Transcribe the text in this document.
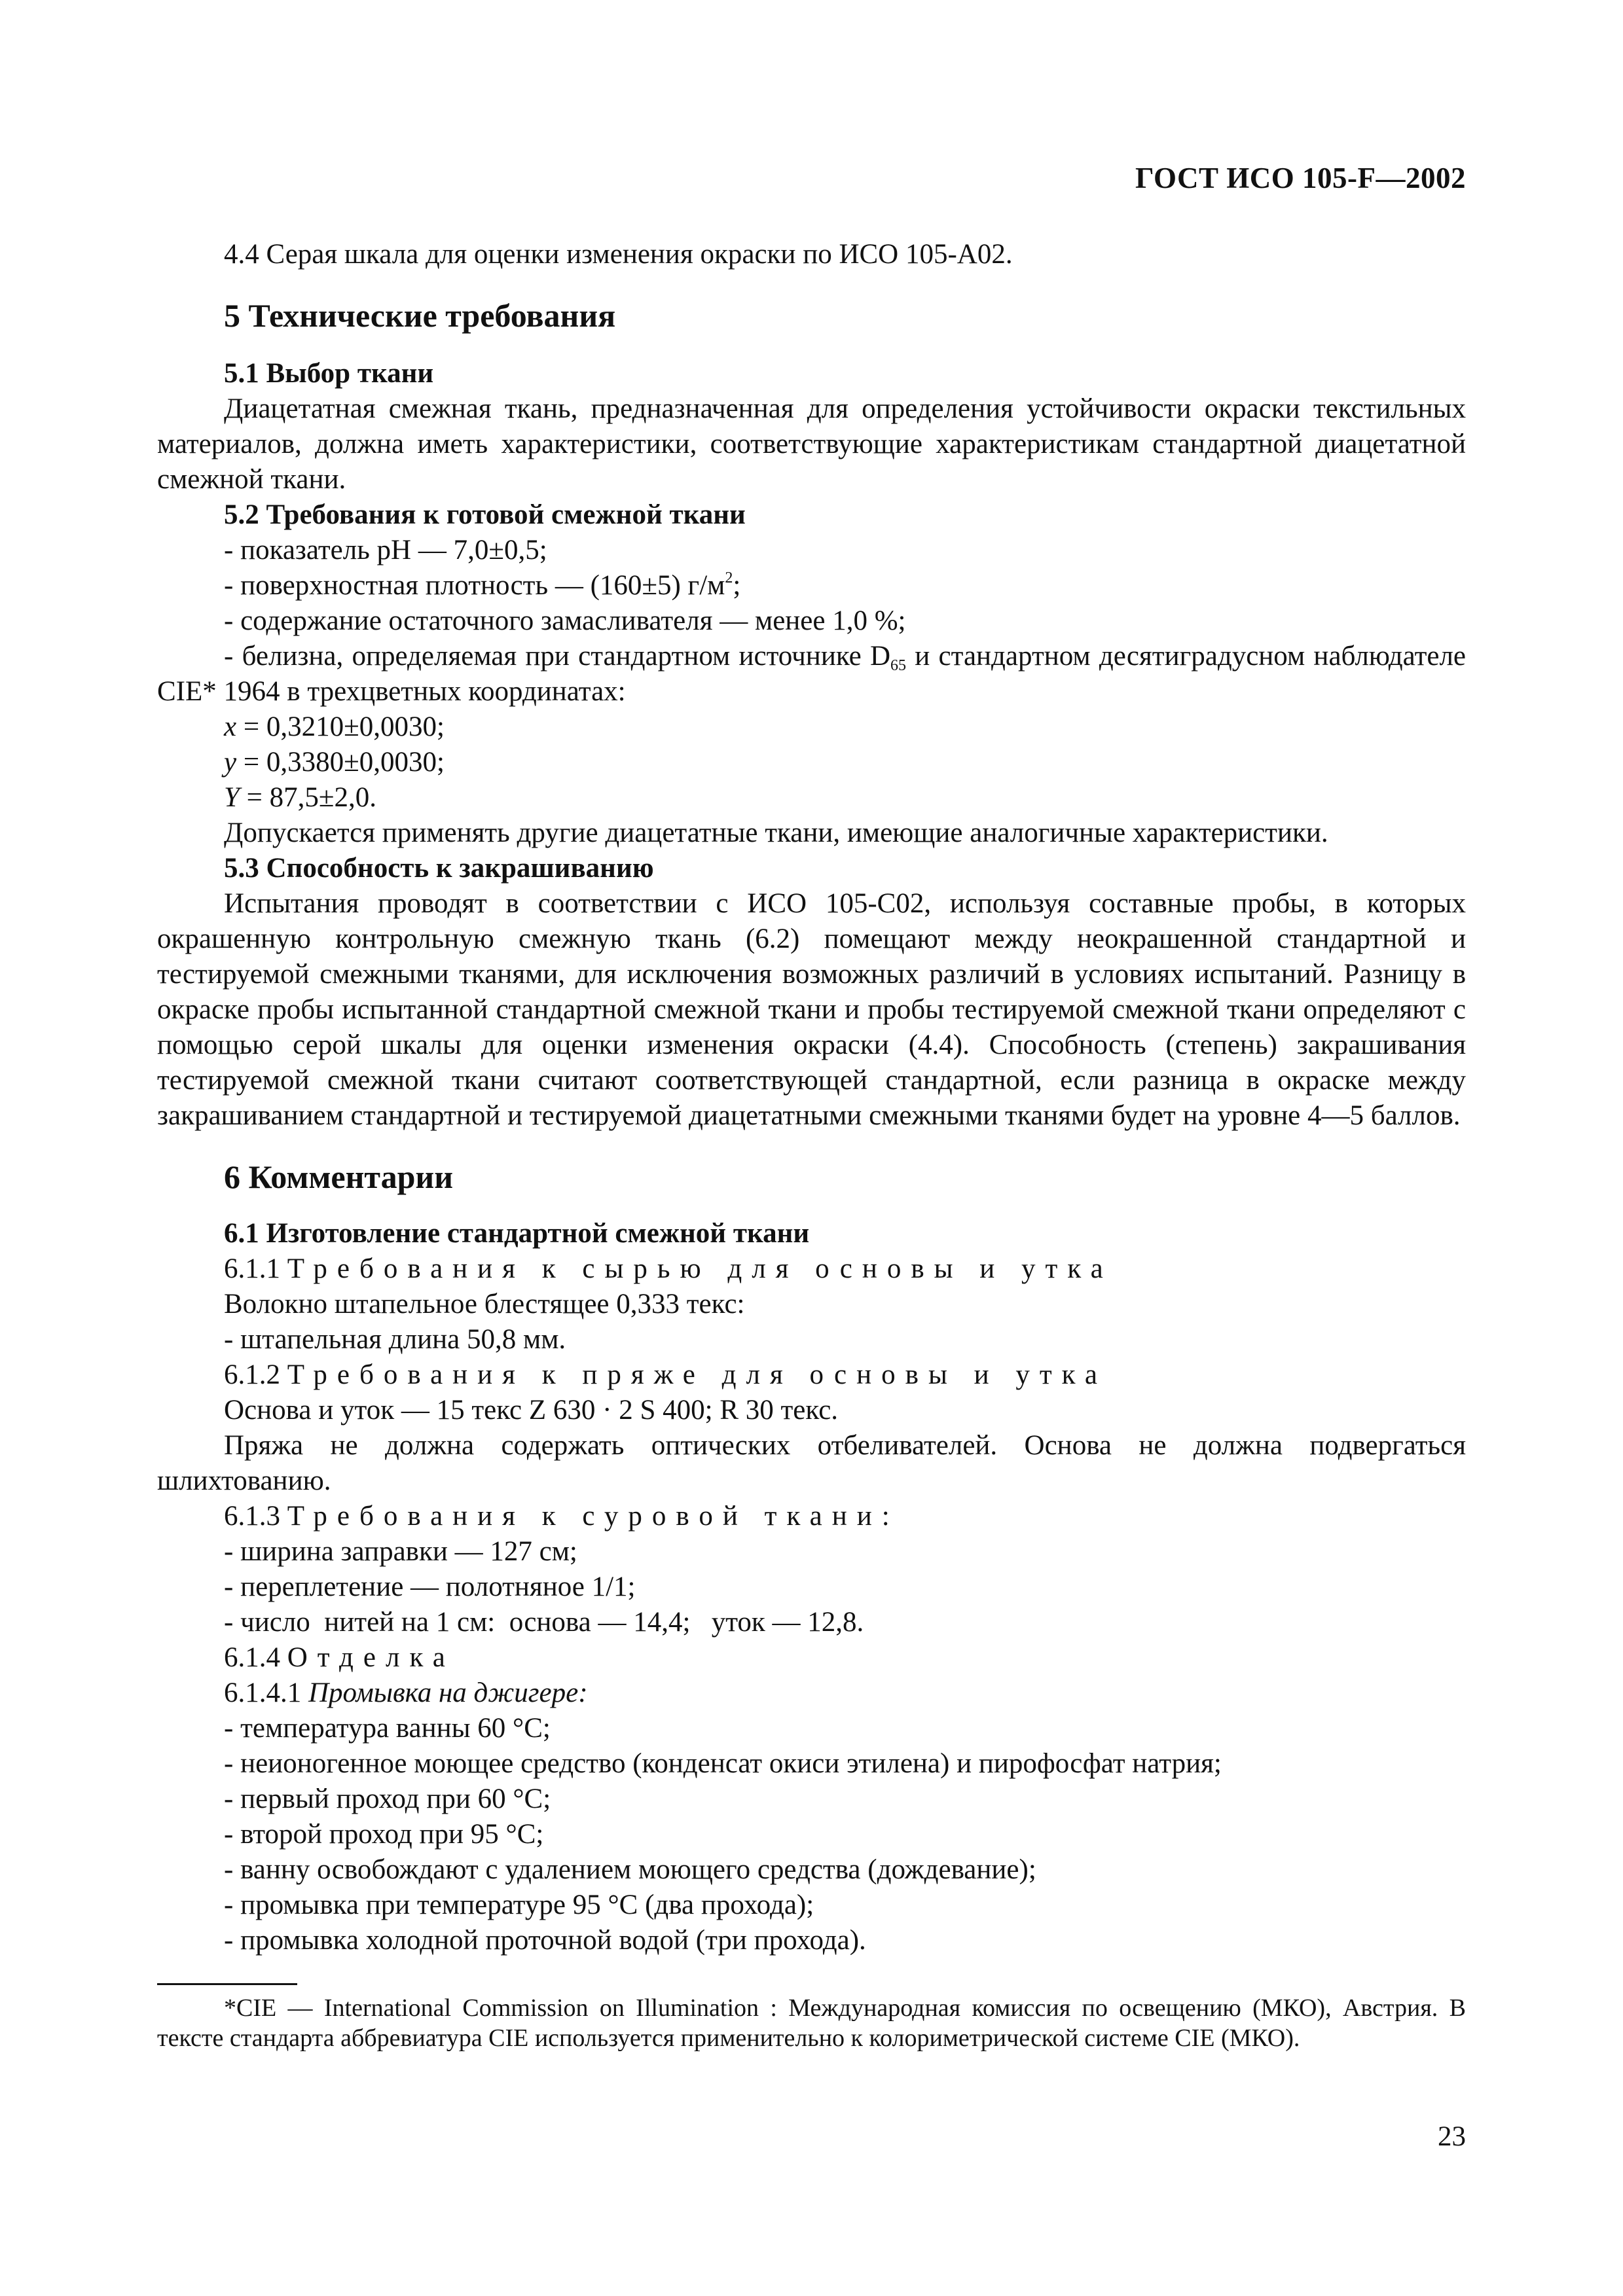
ГОСТ ИСО 105-F—2002

4.4 Серая шкала для оценки изменения окраски по ИСО 105-А02.

5 Технические требования

5.1 Выбор ткани

Диацетатная смежная ткань, предназначенная для определения устойчивости окраски текстильных материалов, должна иметь характеристики, соответствующие характеристикам стандартной диацетатной смежной ткани.

5.2 Требования к готовой смежной ткани

- показатель pH — 7,0±0,5;

- поверхностная плотность — (160±5) $г/м^2$;

- содержание остаточного замасливателя — менее 1,0 %;

- белизна, определяемая при стандартном источнике $D_{65}$ и стандартном десятиградусном наблюдателе CIE* 1964 в трехцветных координатах:

x = 0,3210±0,0030;

y = 0,3380±0,0030;

Y = 87,5±2,0.

Допускается применять другие диацетатные ткани, имеющие аналогичные характеристики.

5.3 Способность к закрашиванию

Испытания проводят в соответствии с ИСО 105-С02, используя составные пробы, в которых окрашенную контрольную смежную ткань (6.2) помещают между неокрашенной стандартной и тестируемой смежными тканями, для исключения возможных различий в условиях испытаний. Разницу в окраске пробы испытанной стандартной смежной ткани и пробы тестируемой смежной ткани определяют с помощью серой шкалы для оценки изменения окраски (4.4). Способность (степень) закрашивания тестируемой смежной ткани считают соответствующей стандартной, если разница в окраске между закрашиванием стандартной и тестируемой диацетатными смежными тканями будет на уровне 4—5 баллов.

6 Комментарии

6.1 Изготовление стандартной смежной ткани

6.1.1 Требования к сырью для основы и утка

Волокно штапельное блестящее 0,333 текс:

- штапельная длина 50,8 мм.

6.1.2 Требования к пряже для основы и утка

Основа и уток — 15 текс Z 630 · 2 S 400; R 30 текс.

Пряжа не должна содержать оптических отбеливателей. Основа не должна подвергаться шлихтованию.

6.1.3 Требования к суровой ткани:

- ширина заправки — 127 см;

- переплетение — полотняное 1/1;

- число  нитей на 1 см:  основа — 14,4;   уток — 12,8.

6.1.4 Отделка

6.1.4.1 Промывка на джигере:

- температура ванны 60 °С;

- неионогенное моющее средство (конденсат окиси этилена) и пирофосфат натрия;

- первый проход при 60 °С;

- второй проход при 95 °С;

- ванну освобождают с удалением моющего средства (дождевание);

- промывка при температуре 95 °С (два прохода);

- промывка холодной проточной водой (три прохода).

*CIE — International Commission on Illumination : Международная комиссия по освещению (МКО), Австрия. В тексте стандарта аббревиатура CIE используется применительно к колориметрической системе CIE (МКО).

23
